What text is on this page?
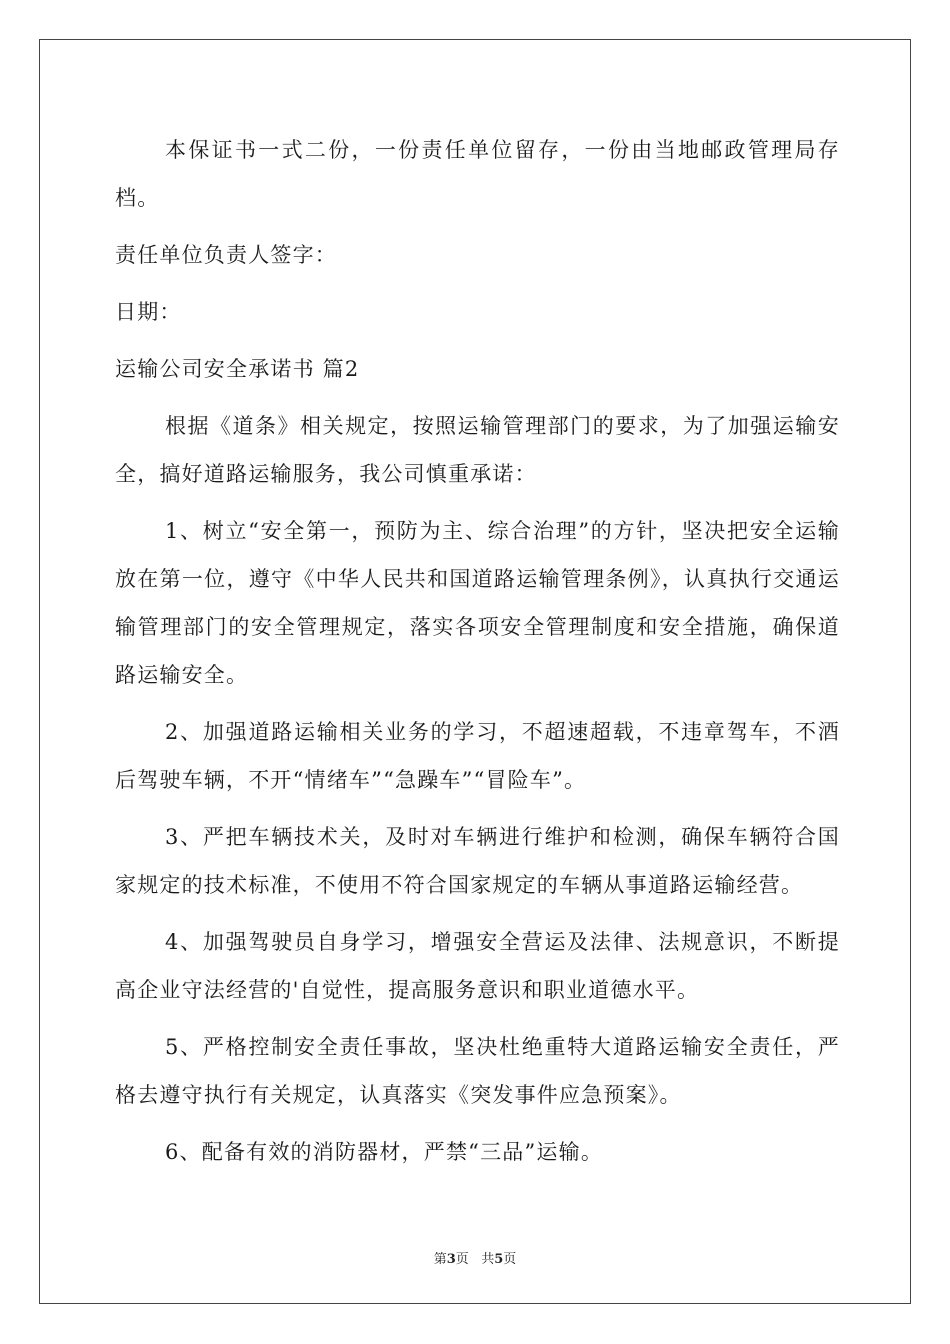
本保证书一式二份，一份责任单位留存，一份由当地邮政管理局存档。

责任单位负责人签字：

日期：

运输公司安全承诺书 篇2

根据《道条》相关规定，按照运输管理部门的要求，为了加强运输安全，搞好道路运输服务，我公司慎重承诺：

1、树立“安全第一，预防为主、综合治理”的方针，坚决把安全运输放在第一位，遵守《中华人民共和国道路运输管理条例》，认真执行交通运输管理部门的安全管理规定，落实各项安全管理制度和安全措施，确保道路运输安全。

2、加强道路运输相关业务的学习，不超速超载，不违章驾车，不酒后驾驶车辆，不开“情绪车”“急躁车”“冒险车”。

3、严把车辆技术关，及时对车辆进行维护和检测，确保车辆符合国家规定的技术标准，不使用不符合国家规定的车辆从事道路运输经营。

4、加强驾驶员自身学习，增强安全营运及法律、法规意识，不断提高企业守法经营的'自觉性，提高服务意识和职业道德水平。

5、严格控制安全责任事故，坚决杜绝重特大道路运输安全责任，严格去遵守执行有关规定，认真落实《突发事件应急预案》。

6、配备有效的消防器材，严禁“三品”运输。

第3页 共5页
